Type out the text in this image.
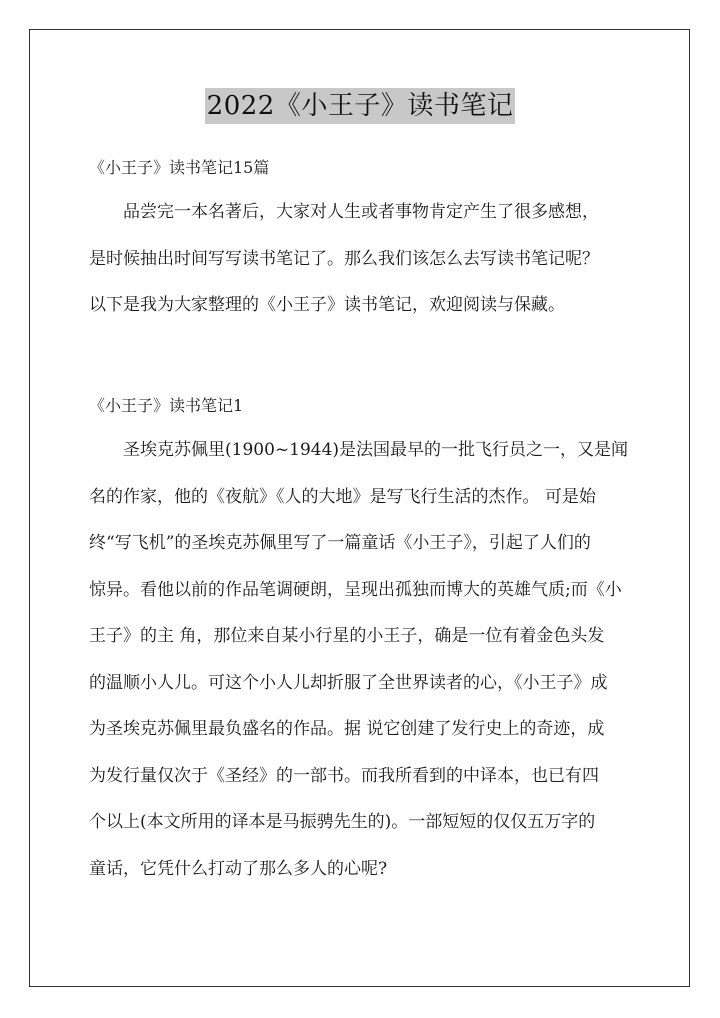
2022《小王子》读书笔记

《小王子》读书笔记15篇

品尝完一本名著后，大家对人生或者事物肯定产生了很多感想，
是时候抽出时间写写读书笔记了。那么我们该怎么去写读书笔记呢？
以下是我为大家整理的《小王子》读书笔记，欢迎阅读与保藏。

《小王子》读书笔记1

圣埃克苏佩里(1900~1944)是法国最早的一批飞行员之一，又是闻
名的作家，他的《夜航》《人的大地》是写飞行生活的杰作。 可是始
终“写飞机”的圣埃克苏佩里写了一篇童话《小王子》，引起了人们的
惊异。看他以前的作品笔调硬朗，呈现出孤独而博大的英雄气质;而《小
王子》的主 角，那位来自某小行星的小王子，确是一位有着金色头发
的温顺小人儿。可这个小人儿却折服了全世界读者的心，《小王子》成
为圣埃克苏佩里最负盛名的作品。据 说它创建了发行史上的奇迹，成
为发行量仅次于《圣经》的一部书。而我所看到的中译本，也已有四
个以上(本文所用的译本是马振骋先生的)。一部短短的仅仅五万字的
童话，它凭什么打动了那么多人的心呢?
